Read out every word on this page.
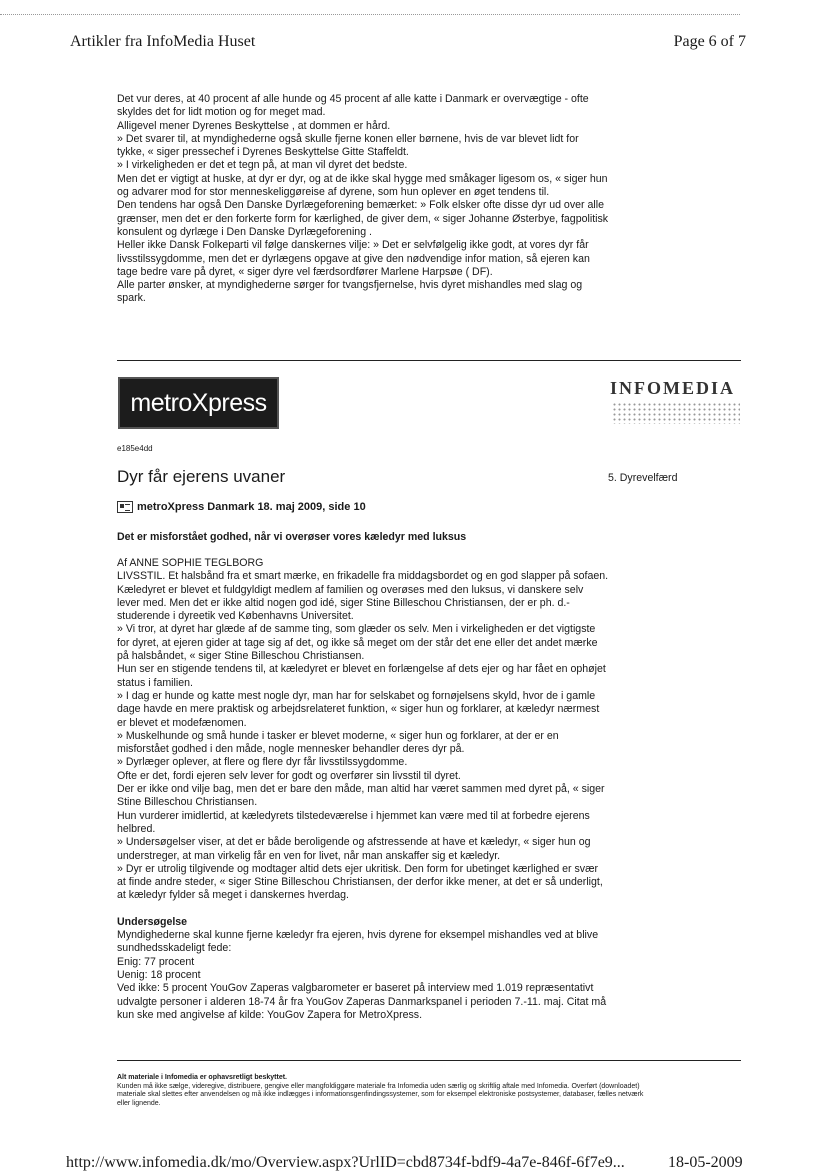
Artikler fra InfoMedia Huset	Page 6 of 7

Det vur deres, at 40 procent af alle hunde og 45 procent af alle katte i Danmark er overvægtige - ofte skyldes det for lidt motion og for meget mad.

Alligevel mener Dyrenes Beskyttelse , at dommen er hård.

» Det svarer til, at myndighederne også skulle fjerne konen eller børnene, hvis de var blevet lidt for tykke, « siger pressechef i Dyrenes Beskyttelse Gitte Staffeldt.

» I virkeligheden er det et tegn på, at man vil dyret det bedste.

Men det er vigtigt at huske, at dyr er dyr, og at de ikke skal hygge med småkager ligesom os, « siger hun og advarer mod for stor menneskeliggøreise af dyrene, som hun oplever en øget tendens til.

Den tendens har også Den Danske Dyrlægeforening bemærket: » Folk elsker ofte disse dyr ud over alle grænser, men det er den forkerte form for kærlighed, de giver dem, « siger Johanne Østerbye, fagpolitisk konsulent og dyrlæge i Den Danske Dyrlægeforening .

Heller ikke Dansk Folkeparti vil følge danskernes vilje: » Det er selvfølgelig ikke godt, at vores dyr får livsstilssygdomme, men det er dyrlægens opgave at give den nødvendige infor mation, så ejeren kan tage bedre vare på dyret, « siger dyre vel færdsordfører Marlene Harpsøe ( DF).

Alle parter ønsker, at myndighederne sørger for tvangsfjernelse, hvis dyret mishandles med slag og spark.

metroXpress
INFOMEDIA
e185e4dd
Dyr får ejerens uvaner	5. Dyrevelfærd
metroXpress Danmark 18. maj 2009, side 10
Det er misforstået godhed, når vi overøser vores kæledyr med luksus

Af ANNE SOPHIE TEGLBORG

LIVSSTIL. Et halsbånd fra et smart mærke, en frikadelle fra middagsbordet og en god slapper på sofaen. Kæledyret er blevet et fuldgyldigt medlem af familien og overøses med den luksus, vi danskere selv lever med. Men det er ikke altid nogen god idé, siger Stine Billeschou Christiansen, der er ph. d.-studerende i dyreetik ved Københavns Universitet.

» Vi tror, at dyret har glæde af de samme ting, som glæder os selv. Men i virkeligheden er det vigtigste for dyret, at ejeren gider at tage sig af det, og ikke så meget om der står det ene eller det andet mærke på halsbåndet, « siger Stine Billeschou Christiansen.

Hun ser en stigende tendens til, at kæledyret er blevet en forlængelse af dets ejer og har fået en ophøjet status i familien.

» I dag er hunde og katte mest nogle dyr, man har for selskabet og fornøjelsens skyld, hvor de i gamle dage havde en mere praktisk og arbejdsrelateret funktion, « siger hun og forklarer, at kæledyr nærmest er blevet et modefænomen.

» Muskelhunde og små hunde i tasker er blevet moderne, « siger hun og forklarer, at der er en misforstået godhed i den måde, nogle mennesker behandler deres dyr på.

» Dyrlæger oplever, at flere og flere dyr får livsstilssygdomme.

Ofte er det, fordi ejeren selv lever for godt og overfører sin livsstil til dyret.

Der er ikke ond vilje bag, men det er bare den måde, man altid har været sammen med dyret på, « siger Stine Billeschou Christiansen.

Hun vurderer imidlertid, at kæledyrets tilstedeværelse i hjemmet kan være med til at forbedre ejerens helbred.

» Undersøgelser viser, at det er både beroligende og afstressende at have et kæledyr, « siger hun og understreger, at man virkelig får en ven for livet, når man anskaffer sig et kæledyr.

» Dyr er utrolig tilgivende og modtager altid dets ejer ukritisk. Den form for ubetinget kærlighed er svær at finde andre steder, « siger Stine Billeschou Christiansen, der derfor ikke mener, at det er så underligt, at kæledyr fylder så meget i danskernes hverdag.

Undersøgelse

Myndighederne skal kunne fjerne kæledyr fra ejeren, hvis dyrene for eksempel mishandles ved at blive sundhedsskadeligt fede:

Enig: 77 procent

Uenig: 18 procent

Ved ikke: 5 procent YouGov Zaperas valgbarometer er baseret på interview med 1.019 repræsentativt udvalgte personer i alderen 18-74 år fra YouGov Zaperas Danmarkspanel i perioden 7.-11. maj. Citat må kun ske med angivelse af kilde: YouGov Zapera for MetroXpress.

Alt materiale i Infomedia er ophavsretligt beskyttet.
Kunden må ikke sælge, videregive, distribuere, gengive eller mangfoldiggøre materiale fra Infomedia uden særlig og skriftlig aftale med Infomedia. Overført (downloadet) materiale skal slettes efter anvendelsen og må ikke indlægges i informationsgenfindingssystemer, som for eksempel elektroniske postsystemer, databaser, fælles netværk eller lignende.
http://www.infomedia.dk/mo/Overview.aspx?UrlID=cbd8734f-bdf9-4a7e-846f-6f7e9...	18-05-2009
